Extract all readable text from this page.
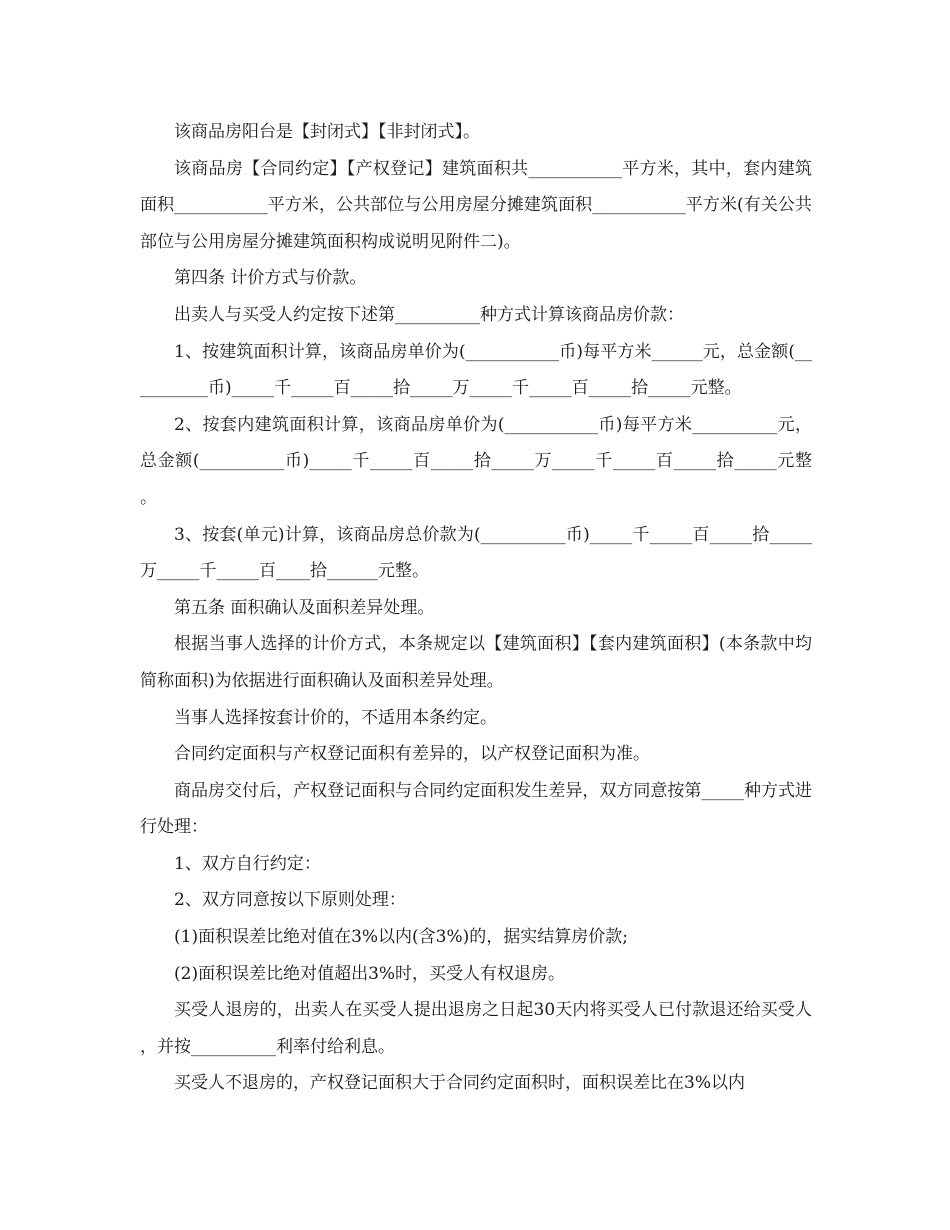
该商品房阳台是【封闭式】【非封闭式】。

该商品房【合同约定】【产权登记】建筑面积共___________平方米，其中，套内建筑面积___________平方米，公共部位与公用房屋分摊建筑面积___________平方米(有关公共部位与公用房屋分摊建筑面积构成说明见附件二)。

第四条 计价方式与价款。

出卖人与买受人约定按下述第__________种方式计算该商品房价款：

1、按建筑面积计算，该商品房单价为(___________币)每平方米______元，总金额(__________币)_____千_____百_____拾_____万_____千_____百_____拾_____元整。

2、按套内建筑面积计算，该商品房单价为(___________币)每平方米__________元，总金额(__________币)_____千_____百_____拾_____万_____千_____百_____拾_____元整。

3、按套(单元)计算，该商品房总价款为(__________币)_____千_____百_____拾_____万_____千_____百____拾______元整。

第五条 面积确认及面积差异处理。

根据当事人选择的计价方式，本条规定以【建筑面积】【套内建筑面积】(本条款中均简称面积)为依据进行面积确认及面积差异处理。

当事人选择按套计价的，不适用本条约定。

合同约定面积与产权登记面积有差异的，以产权登记面积为准。

商品房交付后，产权登记面积与合同约定面积发生差异，双方同意按第_____种方式进行处理：

1、双方自行约定：

2、双方同意按以下原则处理：

(1)面积误差比绝对值在3%以内(含3%)的，据实结算房价款;

(2)面积误差比绝对值超出3%时，买受人有权退房。

买受人退房的，出卖人在买受人提出退房之日起30天内将买受人已付款退还给买受人，并按__________利率付给利息。

买受人不退房的，产权登记面积大于合同约定面积时，面积误差比在3%以内
